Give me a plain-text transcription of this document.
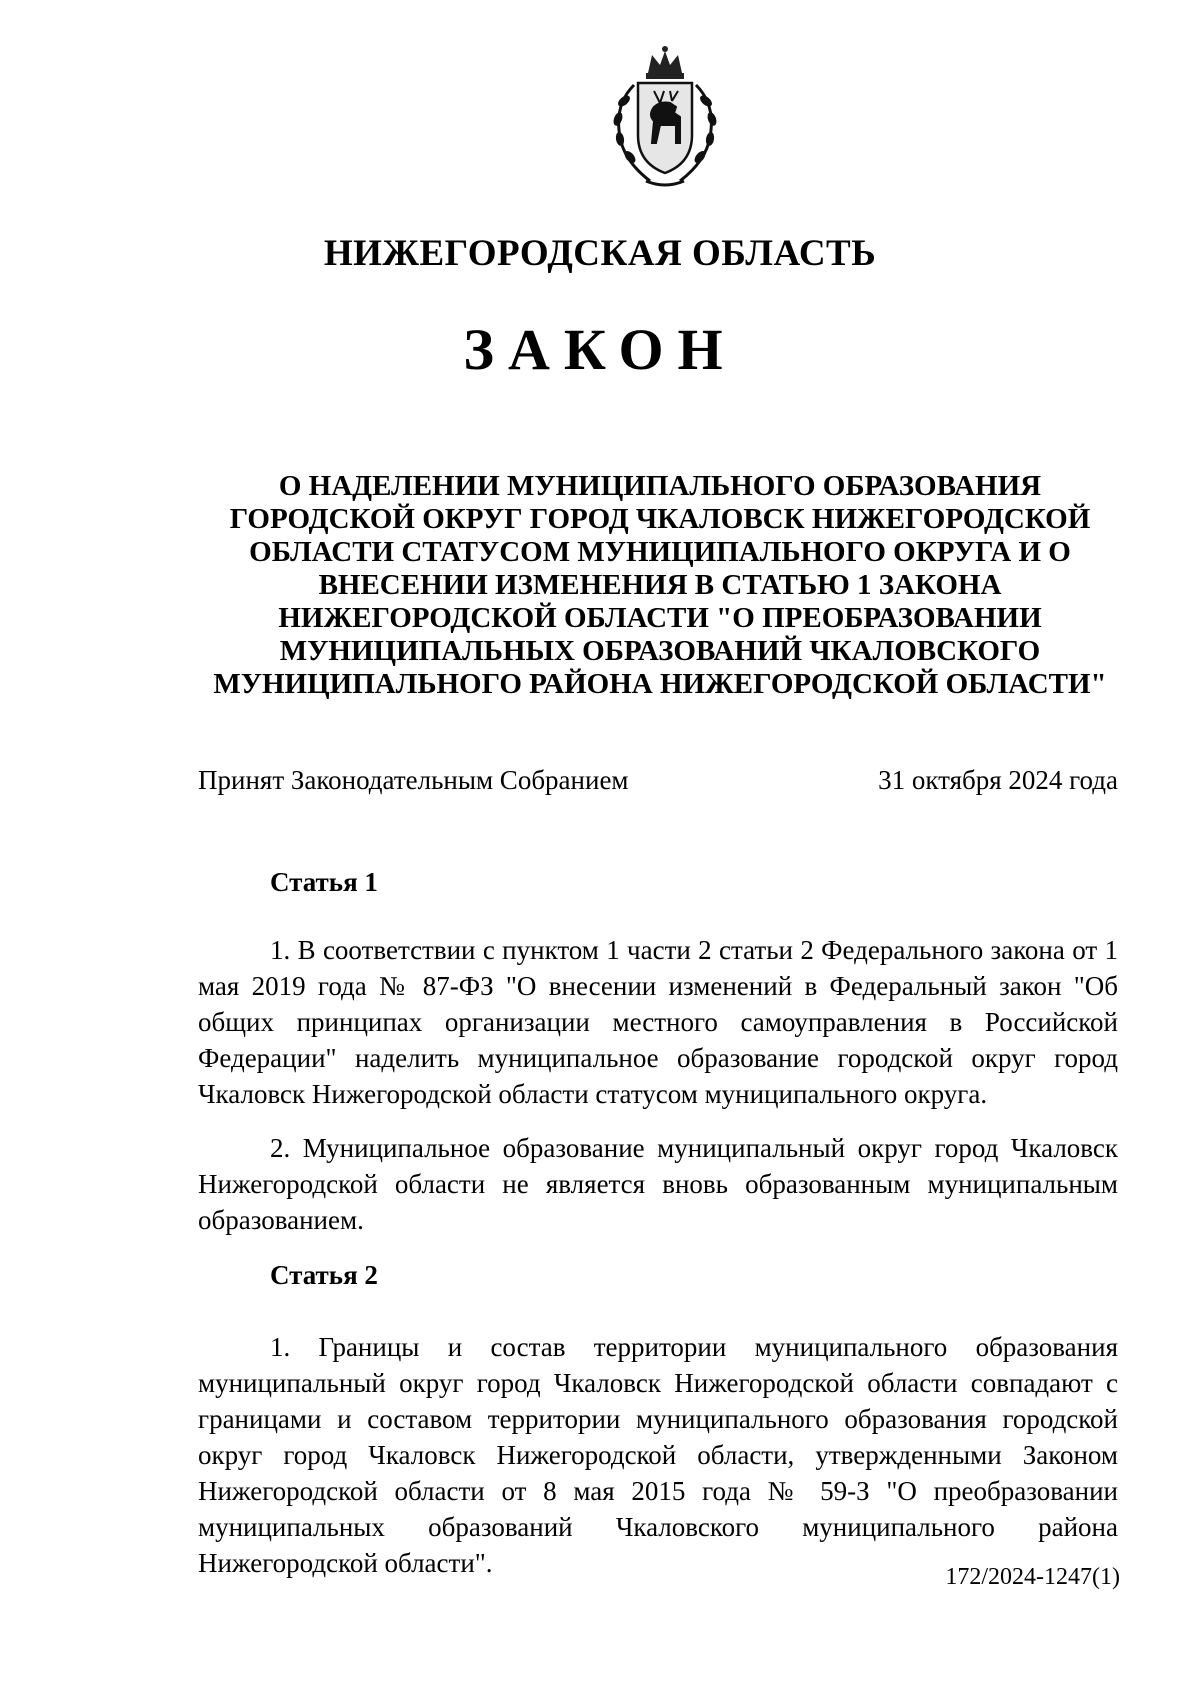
НИЖЕГОРОДСКАЯ ОБЛАСТЬ
ЗАКОН
О НАДЕЛЕНИИ МУНИЦИПАЛЬНОГО ОБРАЗОВАНИЯ ГОРОДСКОЙ ОКРУГ ГОРОД ЧКАЛОВСК НИЖЕГОРОДСКОЙ ОБЛАСТИ СТАТУСОМ МУНИЦИПАЛЬНОГО ОКРУГА И О ВНЕСЕНИИ ИЗМЕНЕНИЯ В СТАТЬЮ 1 ЗАКОНА НИЖЕГОРОДСКОЙ ОБЛАСТИ "О ПРЕОБРАЗОВАНИИ МУНИЦИПАЛЬНЫХ ОБРАЗОВАНИЙ ЧКАЛОВСКОГО МУНИЦИПАЛЬНОГО РАЙОНА НИЖЕГОРОДСКОЙ ОБЛАСТИ"
Принят Законодательным Собранием	31 октября 2024 года
Статья 1

1. В соответствии с пунктом 1 части 2 статьи 2 Федерального закона от 1 мая 2019 года № 87-ФЗ "О внесении изменений в Федеральный закон "Об общих принципах организации местного самоуправления в Российской Федерации" наделить муниципальное образование городской округ город Чкаловск Нижегородской области статусом муниципального округа.

2. Муниципальное образование муниципальный округ город Чкаловск Нижегородской области не является вновь образованным муниципальным образованием.

Статья 2

1. Границы и состав территории муниципального образования муниципальный округ город Чкаловск Нижегородской области совпадают с границами и составом территории муниципального образования городской округ город Чкаловск Нижегородской области, утвержденными Законом Нижегородской области от 8 мая 2015 года № 59-З "О преобразовании муниципальных образований Чкаловского муниципального района Нижегородской области".	172/2024-1247(1)
